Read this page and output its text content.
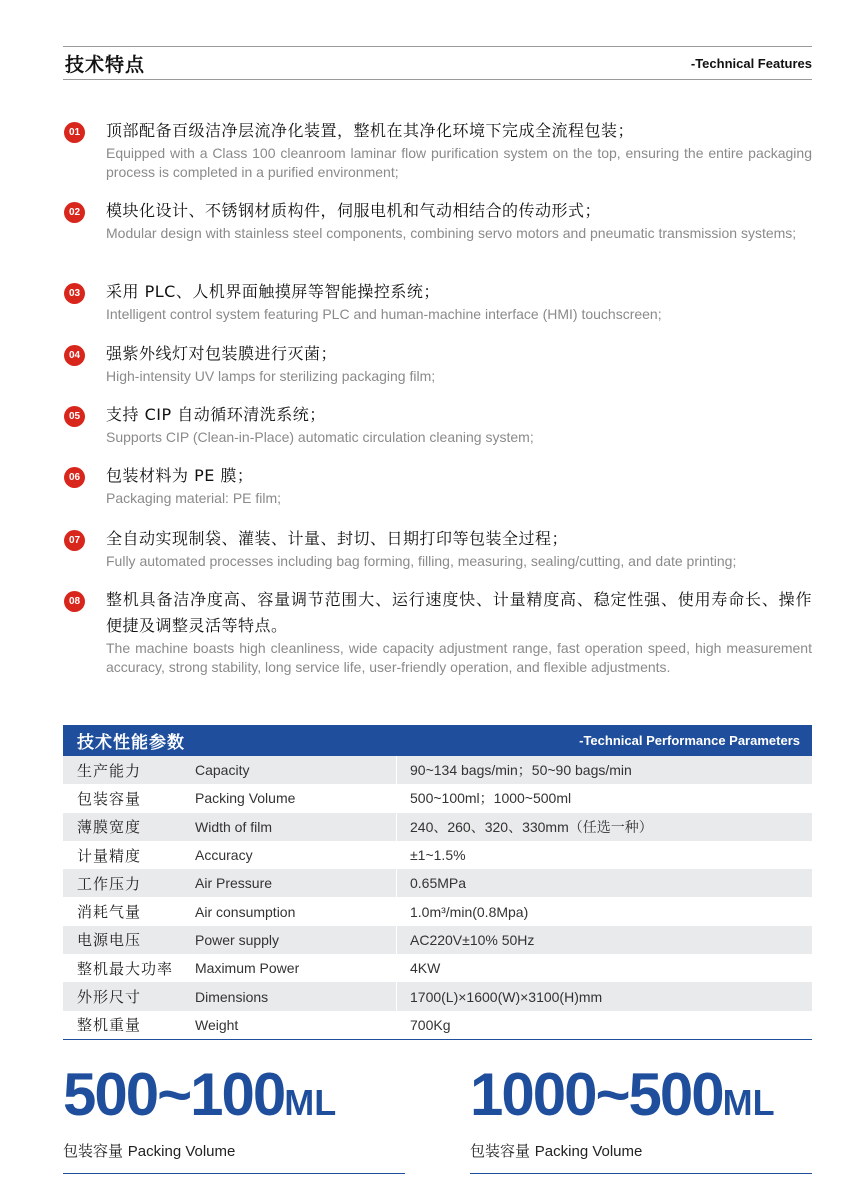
技术特点	-Technical Features
01	顶部配备百级洁净层流净化装置，整机在其净化环境下完成全流程包装；
Equipped with a Class 100 cleanroom laminar flow purification system on the top, ensuring the entire packaging process is completed in a purified environment;
02	模块化设计、不锈钢材质构件，伺服电机和气动相结合的传动形式；
Modular design with stainless steel components, combining servo motors and pneumatic transmission systems;
03	采用 PLC、人机界面触摸屏等智能操控系统；
Intelligent control system featuring PLC and human-machine interface (HMI) touchscreen;
04	强紫外线灯对包装膜进行灭菌；
High-intensity UV lamps for sterilizing packaging film;
05	支持 CIP 自动循环清洗系统；
Supports CIP (Clean-in-Place) automatic circulation cleaning system;
06	包装材料为 PE 膜；
Packaging material: PE film;
07	全自动实现制袋、灌装、计量、封切、日期打印等包装全过程；
Fully automated processes including bag forming, filling, measuring, sealing/cutting, and date printing;
08	整机具备洁净度高、容量调节范围大、运行速度快、计量精度高、稳定性强、使用寿命长、操作便捷及调整灵活等特点。
The machine boasts high cleanliness, wide capacity adjustment range, fast operation speed, high measurement accuracy, strong stability, long service life, user-friendly operation, and flexible adjustments.
技术性能参数	-Technical Performance Parameters
生产能力	Capacity	90~134 bags/min；50~90 bags/min
包装容量	Packing Volume	500~100ml；1000~500ml
薄膜宽度	Width of film	240、260、320、330mm（任选一种）
计量精度	Accuracy	±1~1.5%
工作压力	Air Pressure	0.65MPa
消耗气量	Air consumption	1.0m³/min(0.8Mpa)
电源电压	Power supply	AC220V±10% 50Hz
整机最大功率	Maximum Power	4KW
外形尺寸	Dimensions	1700(L)×1600(W)×3100(H)mm
整机重量	Weight	700Kg
500~100ML
包装容量 Packing Volume
1000~500ML
包装容量 Packing Volume
